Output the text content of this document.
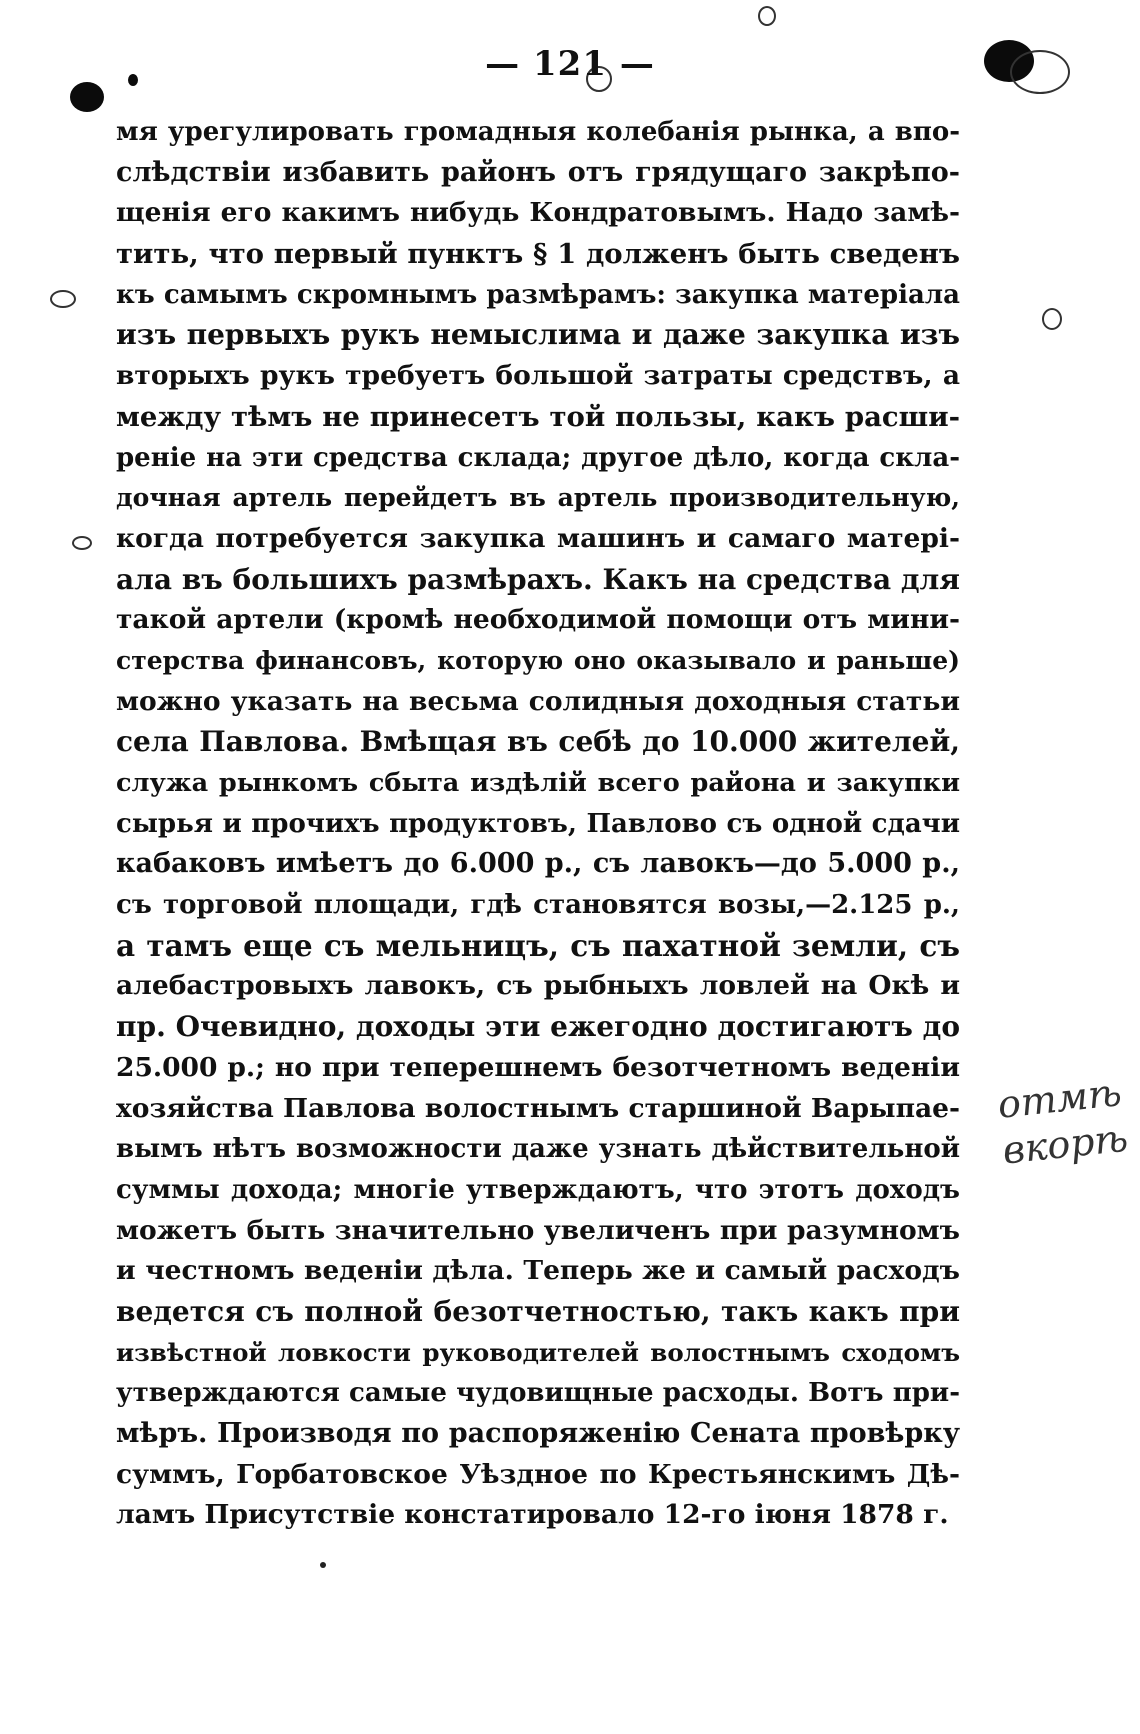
— 121 —
мя урегулировать громадныя колебанія рынка, а впо-
слѣдствіи избавить районъ отъ грядущаго закрѣпо-
щенія его какимъ нибудь Кондратовымъ. Надо замѣ-
тить, что первый пунктъ § 1 долженъ быть сведенъ
къ самымъ скромнымъ размѣрамъ: закупка матеріала
изъ первыхъ рукъ немыслима и даже закупка изъ
вторыхъ рукъ требуетъ большой затраты средствъ, а
между тѣмъ не принесетъ той пользы, какъ расши-
реніе на эти средства склада; другое дѣло, когда скла-
дочная артель перейдетъ въ артель производительную,
когда потребуется закупка машинъ и самаго матері-
ала въ большихъ размѣрахъ. Какъ на средства для
такой артели (кромѣ необходимой помощи отъ мини-
стерства финансовъ, которую оно оказывало и раньше)
можно указать на весьма солидныя доходныя статьи
села Павлова. Вмѣщая въ себѣ до 10.000 жителей,
служа рынкомъ сбыта издѣлій всего района и закупки
сырья и прочихъ продуктовъ, Павлово съ одной сдачи
кабаковъ имѣетъ до 6.000 р., съ лавокъ—до 5.000 р.,
съ торговой площади, гдѣ становятся возы,—2.125 р.,
а тамъ еще съ мельницъ, съ пахатной земли, съ
алебастровыхъ лавокъ, съ рыбныхъ ловлей на Окѣ и
пр. Очевидно, доходы эти ежегодно достигаютъ до
25.000 р.; но при теперешнемъ безотчетномъ веденіи
хозяйства Павлова волостнымъ старшиной Варыпае-
вымъ нѣтъ возможности даже узнать дѣйствительной
суммы дохода; многіе утверждаютъ, что этотъ доходъ
можетъ быть значительно увеличенъ при разумномъ
и честномъ веденіи дѣла. Теперь же и самый расходъ
ведется съ полной безотчетностью, такъ какъ при
извѣстной ловкости руководителей волостнымъ сходомъ
утверждаются самые чудовищные расходы. Вотъ при-
мѣръ. Производя по распоряженію Сената провѣрку
суммъ, Горбатовское Уѣздное по Крестьянскимъ Дѣ-
ламъ Присутствіе констатировало 12-го іюня 1878 г.
отмѣ
вкорѣ
